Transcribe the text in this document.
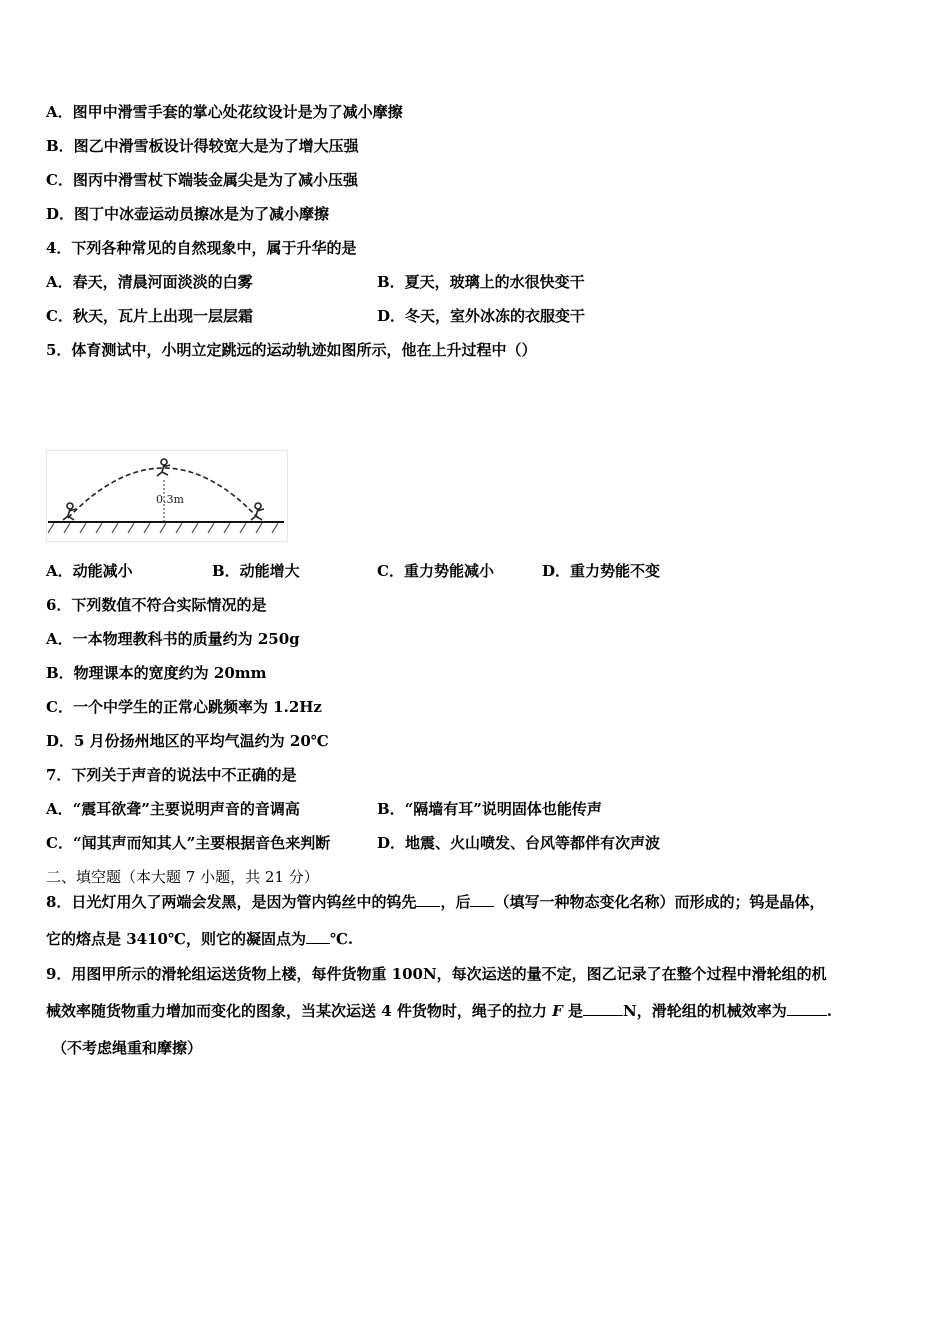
A．图甲中滑雪手套的掌心处花纹设计是为了减小摩擦
B．图乙中滑雪板设计得较宽大是为了增大压强
C．图丙中滑雪杖下端装金属尖是为了减小压强
D．图丁中冰壶运动员擦冰是为了减小摩擦
4．下列各种常见的自然现象中，属于升华的是
A．春天，清晨河面淡淡的白雾	B．夏天，玻璃上的水很快变干
C．秋天，瓦片上出现一层层霜	D．冬天，室外冰冻的衣服变干
5．体育测试中，小明立定跳远的运动轨迹如图所示，他在上升过程中（）
0.3m
A．动能减小	B．动能增大	C．重力势能减小	D．重力势能不变
6．下列数值不符合实际情况的是
A．一本物理教科书的质量约为 250g
B．物理课本的宽度约为 20mm
C．一个中学生的正常心跳频率为 1.2Hz
D．5 月份扬州地区的平均气温约为 20℃
7．下列关于声音的说法中不正确的是
A．“震耳欲聋”主要说明声音的音调高	B．“隔墙有耳”说明固体也能传声
C．“闻其声而知其人”主要根据音色来判断	D．地震、火山喷发、台风等都伴有次声波
二、填空题（本大题 7 小题，共 21 分）
8．日光灯用久了两端会发黑，是因为管内钨丝中的钨先 ，后 （填写一种物态变化名称）而形成的；钨是晶体，
它的熔点是 3410℃，则它的凝固点为 ℃.
9．用图甲所示的滑轮组运送货物上楼，每件货物重 100N，每次运送的量不定，图乙记录了在整个过程中滑轮组的机
械效率随货物重力增加而变化的图象，当某次运送 4 件货物时，绳子的拉力 F 是	N，滑轮组的机械效率为	.
（不考虑绳重和摩擦）
